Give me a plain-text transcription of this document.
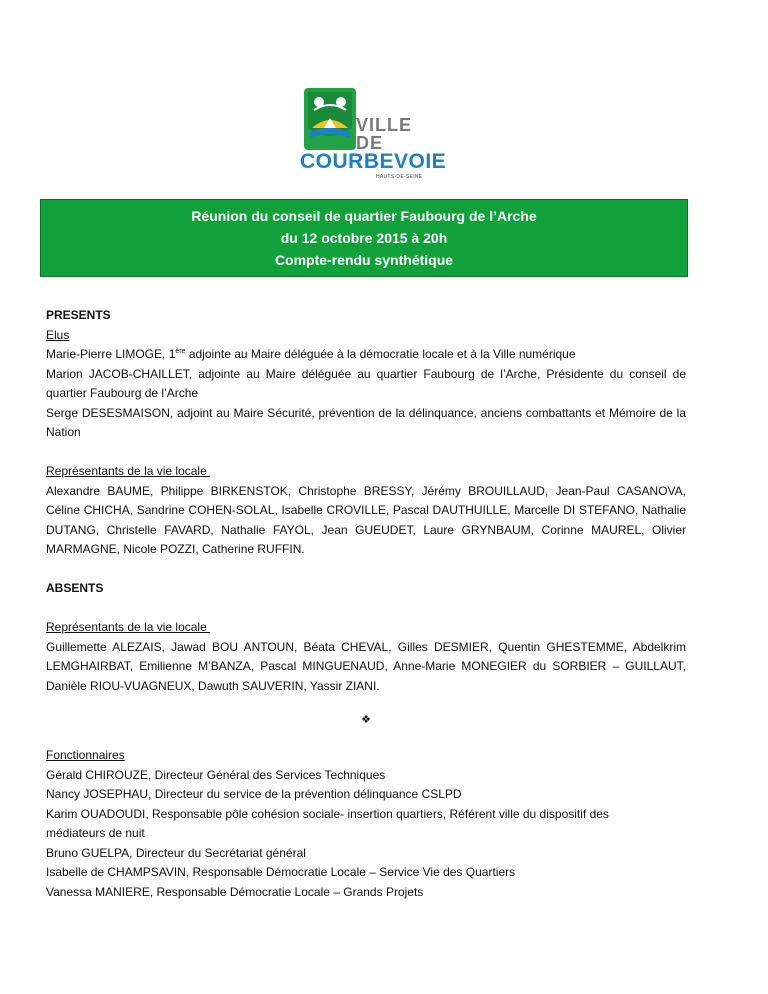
VILLE
DE
COURBEVOIE
HAUTS-DE-SEINE
Réunion du conseil de quartier Faubourg de l’Arche
du 12 octobre 2015 à 20h
Compte-rendu synthétique

PRESENTS

Elus

Marie-Pierre LIMOGE, 1ère adjointe au Maire déléguée à la démocratie locale et à la Ville numérique

Marion JACOB-CHAILLET, adjointe au Maire déléguée au quartier Faubourg de l’Arche, Présidente du conseil de quartier Faubourg de l’Arche

Serge DESESMAISON, adjoint au Maire Sécurité, prévention de la délinquance, anciens combattants et Mémoire de la Nation

Représentants de la vie locale

Alexandre BAUME, Philippe BIRKENSTOK, Christophe BRESSY, Jérémy BROUILLAUD, Jean-Paul CASANOVA, Céline CHICHA, Sandrine COHEN-SOLAL, Isabelle CROVILLE, Pascal DAUTHUILLE, Marcelle DI STEFANO, Nathalie DUTANG, Christelle FAVARD, Nathalie FAYOL, Jean GUEUDET, Laure GRYNBAUM, Corinne MAUREL, Olivier MARMAGNE, Nicole POZZI, Catherine RUFFIN.

ABSENTS

Représentants de la vie locale

Guillemette ALEZAIS, Jawad BOU ANTOUN, Béata CHEVAL, Gilles DESMIER, Quentin GHESTEMME, Abdelkrim LEMGHAIRBAT, Emilienne M’BANZA, Pascal MINGUENAUD, Anne-Marie MONEGIER du SORBIER – GUILLAUT, Danièle RIOU-VUAGNEUX, Dawuth SAUVERIN, Yassir ZIANI.

❖

Fonctionnaires

Gérald CHIROUZE, Directeur Général des Services Techniques

Nancy JOSEPHAU, Directeur du service de la prévention délinquance CSLPD

Karim OUADOUDI, Responsable pôle cohésion sociale- insertion quartiers, Référent ville du dispositif des médiateurs de nuit

Bruno GUELPA, Directeur du Secrétariat général

Isabelle de CHAMPSAVIN, Responsable Démocratie Locale – Service Vie des Quartiers

Vanessa MANIERE, Responsable Démocratie Locale – Grands Projets
